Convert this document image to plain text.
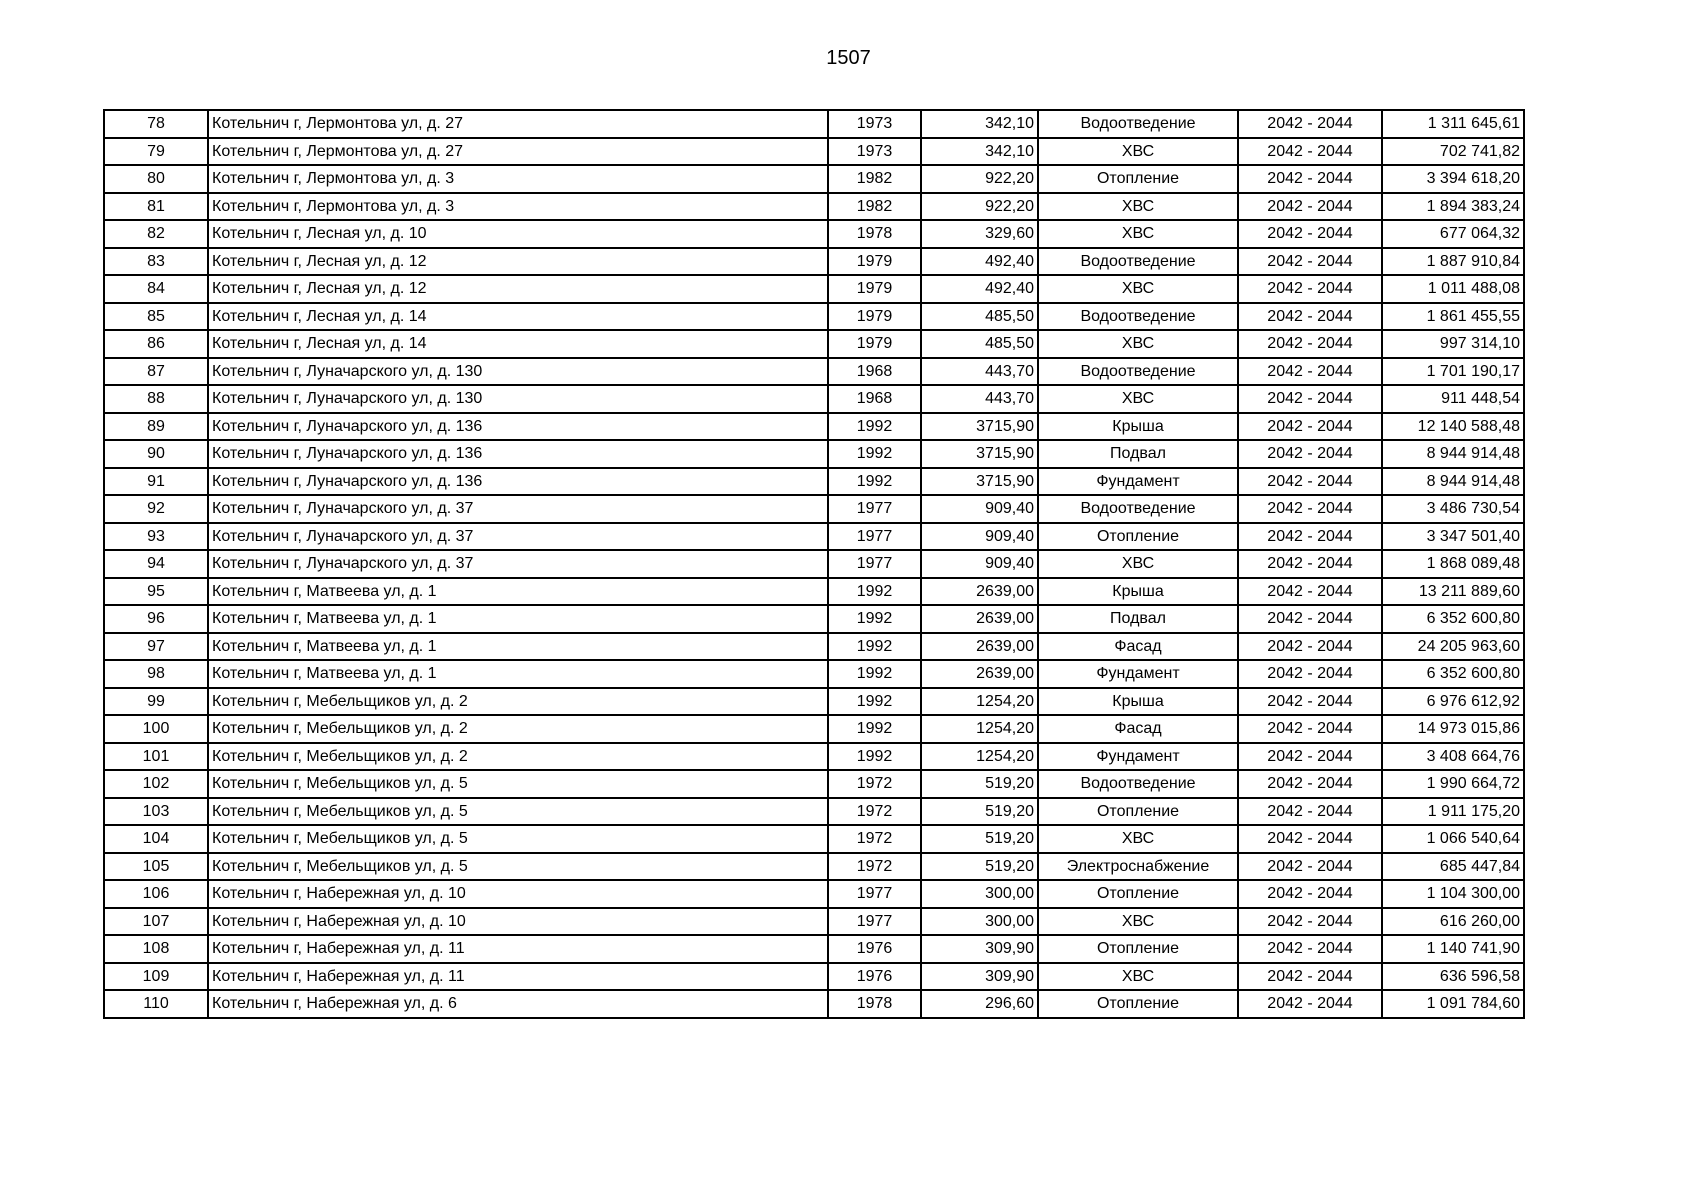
1507
78	Котельнич г, Лермонтова ул, д. 27	1973	342,10	Водоотведение	2042 - 2044	1 311 645,61
79	Котельнич г, Лермонтова ул, д. 27	1973	342,10	ХВС	2042 - 2044	702 741,82
80	Котельнич г, Лермонтова ул, д. 3	1982	922,20	Отопление	2042 - 2044	3 394 618,20
81	Котельнич г, Лермонтова ул, д. 3	1982	922,20	ХВС	2042 - 2044	1 894 383,24
82	Котельнич г, Лесная ул, д. 10	1978	329,60	ХВС	2042 - 2044	677 064,32
83	Котельнич г, Лесная ул, д. 12	1979	492,40	Водоотведение	2042 - 2044	1 887 910,84
84	Котельнич г, Лесная ул, д. 12	1979	492,40	ХВС	2042 - 2044	1 011 488,08
85	Котельнич г, Лесная ул, д. 14	1979	485,50	Водоотведение	2042 - 2044	1 861 455,55
86	Котельнич г, Лесная ул, д. 14	1979	485,50	ХВС	2042 - 2044	997 314,10
87	Котельнич г, Луначарского ул, д. 130	1968	443,70	Водоотведение	2042 - 2044	1 701 190,17
88	Котельнич г, Луначарского ул, д. 130	1968	443,70	ХВС	2042 - 2044	911 448,54
89	Котельнич г, Луначарского ул, д. 136	1992	3715,90	Крыша	2042 - 2044	12 140 588,48
90	Котельнич г, Луначарского ул, д. 136	1992	3715,90	Подвал	2042 - 2044	8 944 914,48
91	Котельнич г, Луначарского ул, д. 136	1992	3715,90	Фундамент	2042 - 2044	8 944 914,48
92	Котельнич г, Луначарского ул, д. 37	1977	909,40	Водоотведение	2042 - 2044	3 486 730,54
93	Котельнич г, Луначарского ул, д. 37	1977	909,40	Отопление	2042 - 2044	3 347 501,40
94	Котельнич г, Луначарского ул, д. 37	1977	909,40	ХВС	2042 - 2044	1 868 089,48
95	Котельнич г, Матвеева ул, д. 1	1992	2639,00	Крыша	2042 - 2044	13 211 889,60
96	Котельнич г, Матвеева ул, д. 1	1992	2639,00	Подвал	2042 - 2044	6 352 600,80
97	Котельнич г, Матвеева ул, д. 1	1992	2639,00	Фасад	2042 - 2044	24 205 963,60
98	Котельнич г, Матвеева ул, д. 1	1992	2639,00	Фундамент	2042 - 2044	6 352 600,80
99	Котельнич г, Мебельщиков ул, д. 2	1992	1254,20	Крыша	2042 - 2044	6 976 612,92
100	Котельнич г, Мебельщиков ул, д. 2	1992	1254,20	Фасад	2042 - 2044	14 973 015,86
101	Котельнич г, Мебельщиков ул, д. 2	1992	1254,20	Фундамент	2042 - 2044	3 408 664,76
102	Котельнич г, Мебельщиков ул, д. 5	1972	519,20	Водоотведение	2042 - 2044	1 990 664,72
103	Котельнич г, Мебельщиков ул, д. 5	1972	519,20	Отопление	2042 - 2044	1 911 175,20
104	Котельнич г, Мебельщиков ул, д. 5	1972	519,20	ХВС	2042 - 2044	1 066 540,64
105	Котельнич г, Мебельщиков ул, д. 5	1972	519,20	Электроснабжение	2042 - 2044	685 447,84
106	Котельнич г, Набережная ул, д. 10	1977	300,00	Отопление	2042 - 2044	1 104 300,00
107	Котельнич г, Набережная ул, д. 10	1977	300,00	ХВС	2042 - 2044	616 260,00
108	Котельнич г, Набережная ул, д. 11	1976	309,90	Отопление	2042 - 2044	1 140 741,90
109	Котельнич г, Набережная ул, д. 11	1976	309,90	ХВС	2042 - 2044	636 596,58
110	Котельнич г, Набережная ул, д. 6	1978	296,60	Отопление	2042 - 2044	1 091 784,60
